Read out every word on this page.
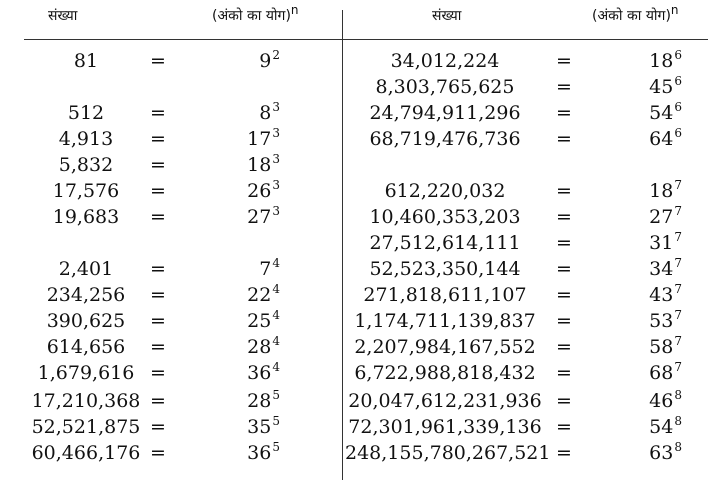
संख्या	(अंको का योग)$^n$	संख्या	(अंको का योग)$^n$
81	=	$9^2$
512	=	$8^3$
4,913	=	$17^3$
5,832	=	$18^3$
17,576	=	$26^3$
19,683	=	$27^3$
2,401	=	$7^4$
234,256	=	$22^4$
390,625	=	$25^4$
614,656	=	$28^4$
1,679,616 =	$36^4$
17,210,368 =	$28^5$
52,521,875 =	$35^5$
60,466,176 =	$36^5$
34,012,224	=	$18^6$
8,303,765,625	=	$45^6$
24,794,911,296	=	$54^6$
68,719,476,736	=	$64^6$
612,220,032	=	$18^7$
10,460,353,203	=	$27^7$
27,512,614,111	=	$31^7$
52,523,350,144	=	$34^7$
271,818,611,107	=	$43^7$
1,174,711,139,837	=	$53^7$
2,207,984,167,552	=	$58^7$
6,722,988,818,432	=	$68^7$
20,047,612,231,936 =	$46^8$
72,301,961,339,136 =	$54^8$
248,155,780,267,521 =	$63^8$
